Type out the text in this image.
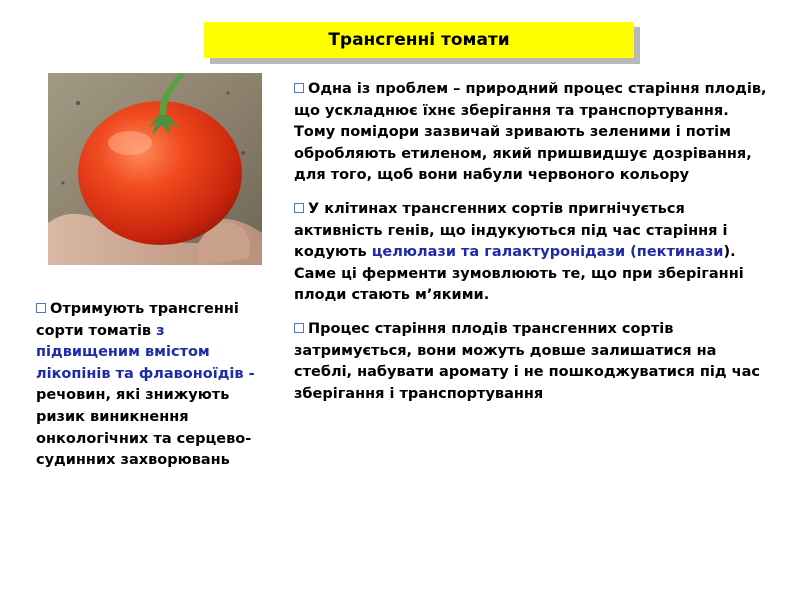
Трансгенні томати

Одна із проблем – природний процес старіння плодів, що ускладнює їхнє зберігання та транспортування. Тому помідори зазвичай зривають зеленими і потім обробляють етиленом, який пришвидшує дозрівання, для того, щоб вони набули червоного кольору

У клітинах трансгенних сортів пригнічується активність генів, що індукуються під час старіння і кодують целюлази та галактуронідази (пектинази). Саме ці ферменти зумовлюють те, що при зберіганні плоди стають м’якими.

Процес старіння плодів трансгенних сортів затримується, вони можуть довше залишатися на стеблі, набувати аромату і не пошкоджуватися під час зберігання і транспортування

Отримують трансгенні сорти томатів з підвищеним вмістом лікопінів та флавоноїдів - речовин, які знижують ризик виникнення онкологічних та серцево-судинних захворювань
